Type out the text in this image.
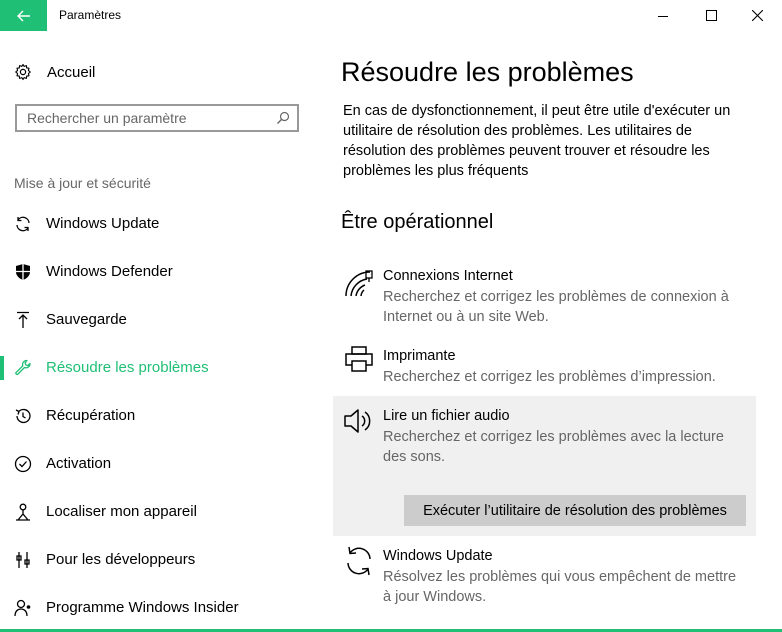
Paramètres
Accueil
Rechercher un paramètre
Mise à jour et sécurité
Windows Update
Windows Defender
Sauvegarde
Résoudre les problèmes
Récupération
Activation
Localiser mon appareil
Pour les développeurs
Programme Windows Insider
Résoudre les problèmes
En cas de dysfonctionnement, il peut être utile d'exécuter un utilitaire de résolution des problèmes. Les utilitaires de résolution des problèmes peuvent trouver et résoudre les problèmes les plus fréquents
Être opérationnel
Connexions Internet
Recherchez et corrigez les problèmes de connexion à Internet ou à un site Web.
Imprimante
Recherchez et corrigez les problèmes d’impression.
Lire un fichier audio
Recherchez et corrigez les problèmes avec la lecture des sons.
Exécuter l’utilitaire de résolution des problèmes
Windows Update
Résolvez les problèmes qui vous empêchent de mettre à jour Windows.
